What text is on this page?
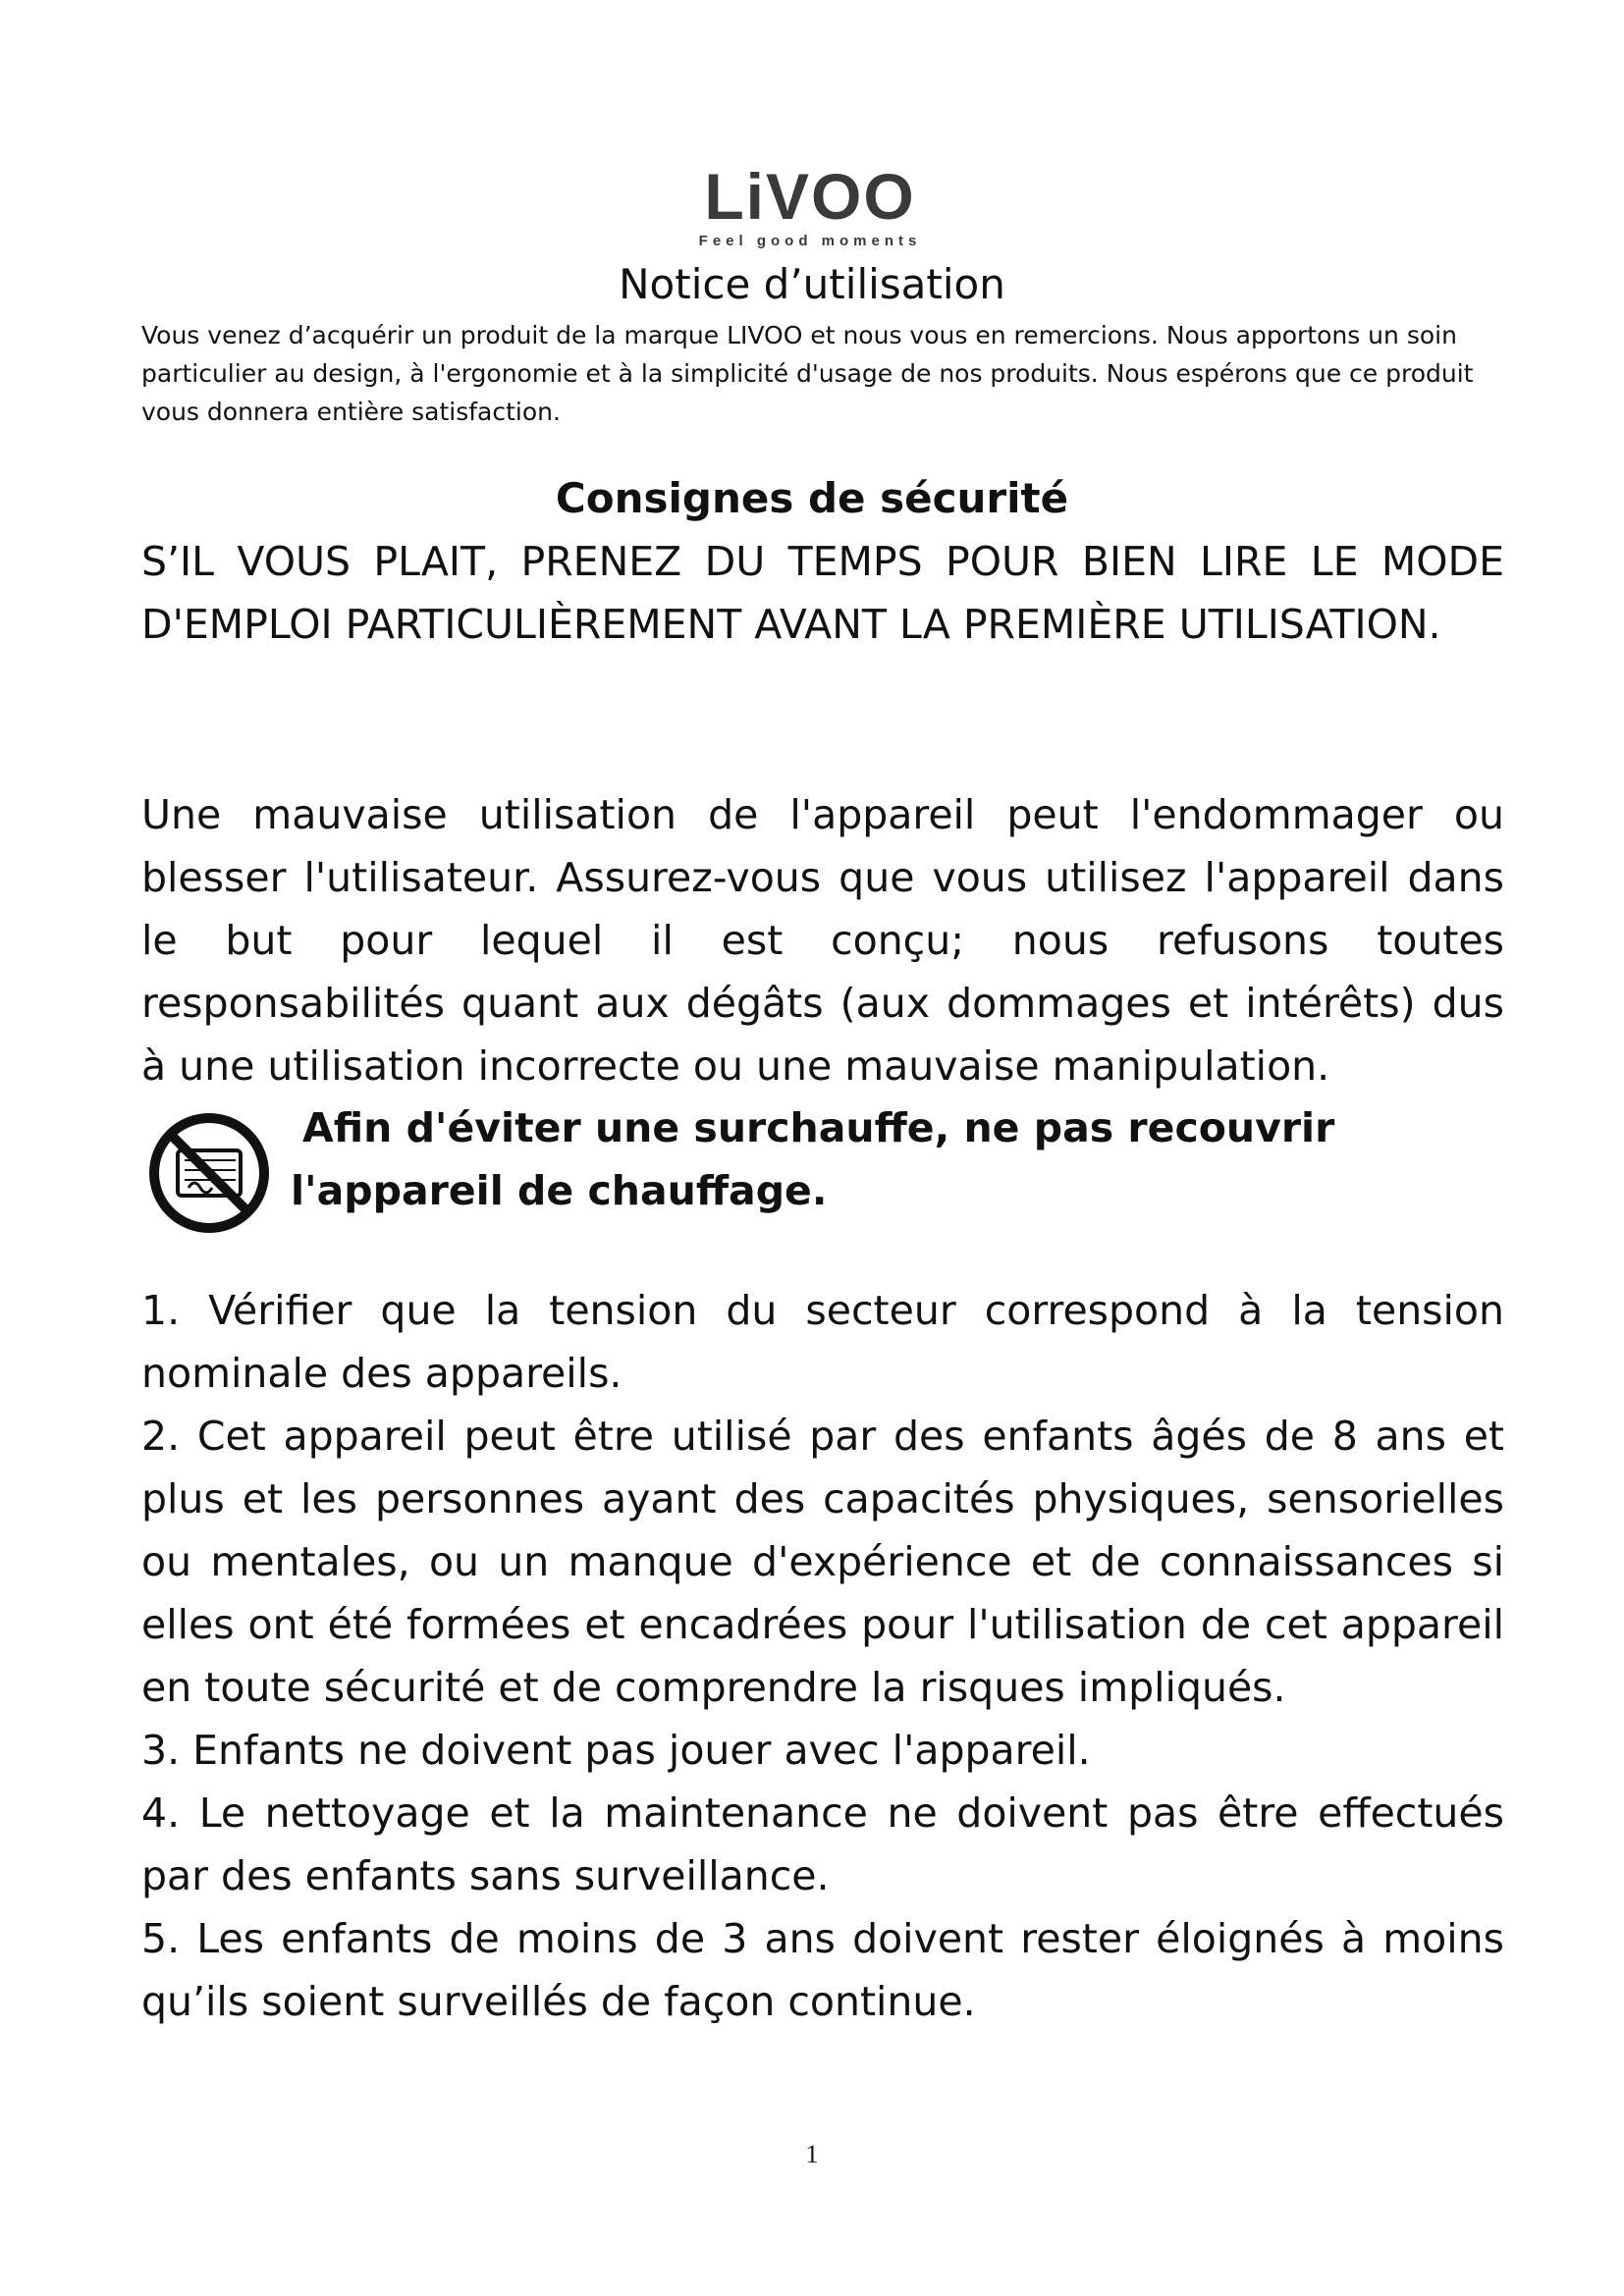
LiVOO
Feel good moments
Notice d’utilisation

Vous venez d’acquérir un produit de la marque LIVOO et nous vous en remercions. Nous apportons un soin particulier au design, à l'ergonomie et à la simplicité d'usage de nos produits. Nous espérons que ce produit vous donnera entière satisfaction.

Consignes de sécurité

S’IL VOUS PLAIT, PRENEZ DU TEMPS POUR BIEN LIRE LE MODE D'EMPLOI PARTICULIÈREMENT AVANT LA PREMIÈRE UTILISATION.

Une mauvaise utilisation de l'appareil peut l'endommager ou blesser l'utilisateur. Assurez-vous que vous utilisez l'appareil dans le but pour lequel il est conçu; nous refusons toutes responsabilités quant aux dégâts (aux dommages et intérêts) dus à une utilisation incorrecte ou une mauvaise manipulation.

Afin d'éviter une surchauffe, ne pas recouvrir
l'appareil de chauffage.
1. Vérifier que la tension du secteur correspond à la tension nominale des appareils.
2. Cet appareil peut être utilisé par des enfants âgés de 8 ans et plus et les personnes ayant des capacités physiques, sensorielles ou mentales, ou un manque d'expérience et de connaissances si elles ont été formées et encadrées pour l'utilisation de cet appareil en toute sécurité et de comprendre la risques impliqués.
3. Enfants ne doivent pas jouer avec l'appareil.
4. Le nettoyage et la maintenance ne doivent pas être effectués par des enfants sans surveillance.
5. Les enfants de moins de 3 ans doivent rester éloignés à moins qu’ils soient surveillés de façon continue.
1
